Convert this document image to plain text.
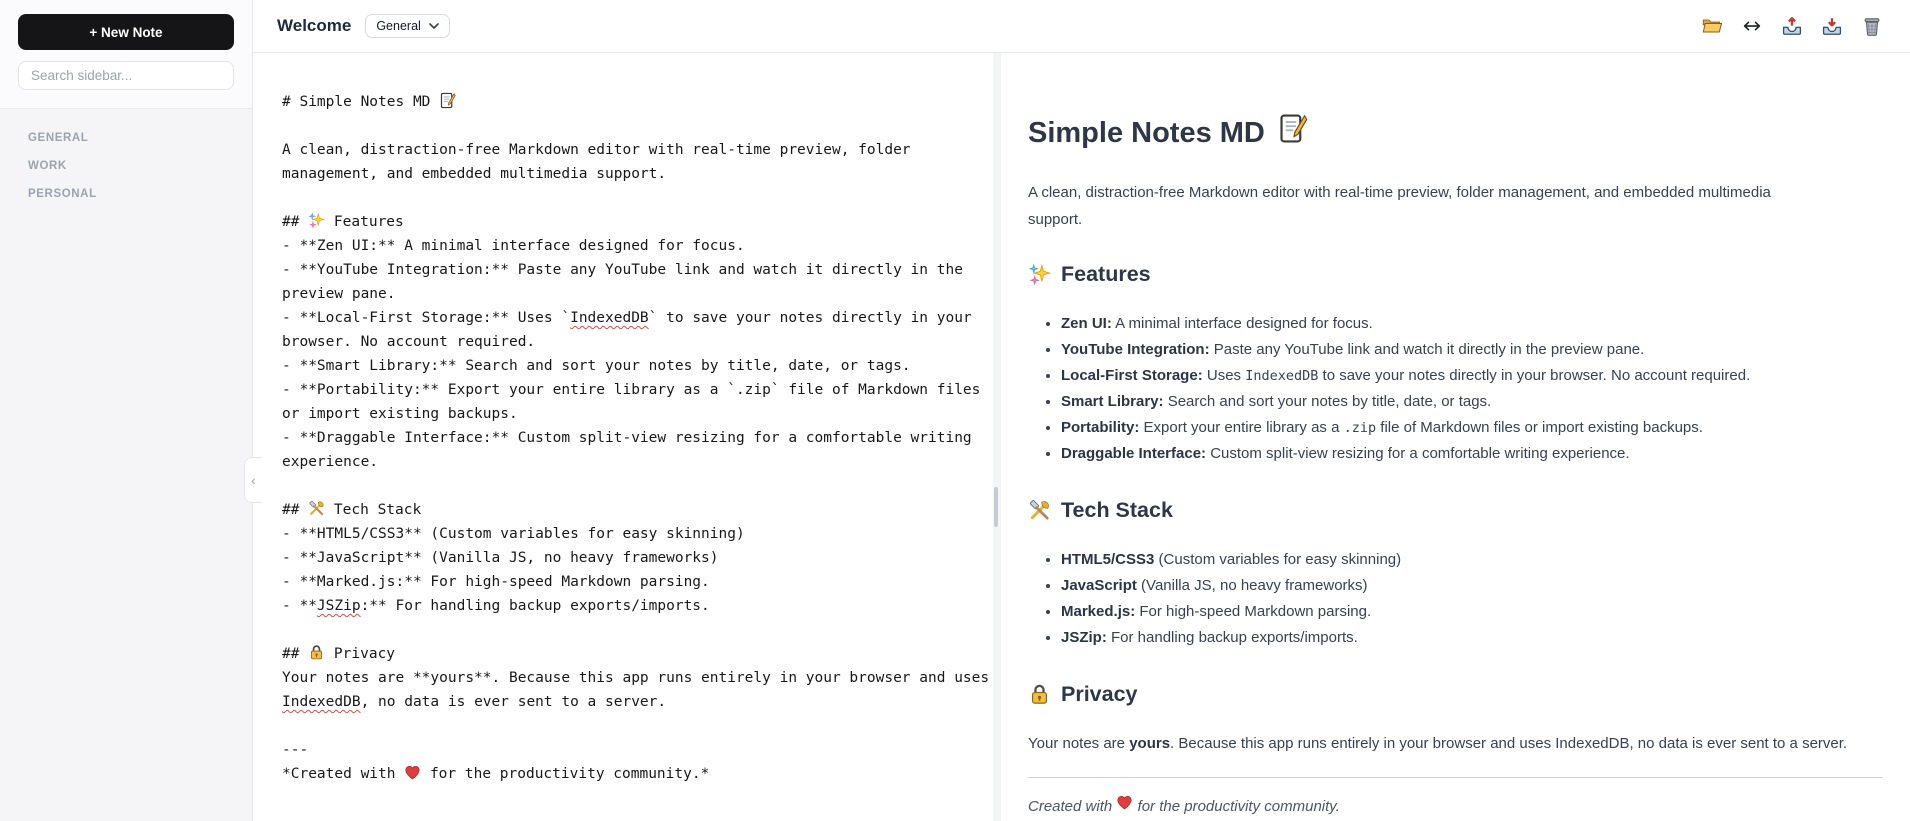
+ New Note
Search sidebar...
GENERAL
WORK
PERSONAL
Welcome General
‹
# Simple Notes MD
A clean, distraction-free Markdown editor with real-time preview, folder
management, and embedded multimedia support.
##  Features
- **Zen UI:** A minimal interface designed for focus.
- **YouTube Integration:** Paste any YouTube link and watch it directly in the
preview pane.
- **Local-First Storage:** Uses `IndexedDB` to save your notes directly in your
browser. No account required.
- **Smart Library:** Search and sort your notes by title, date, or tags.
- **Portability:** Export your entire library as a `.zip` file of Markdown files
or import existing backups.
- **Draggable Interface:** Custom split-view resizing for a comfortable writing
experience.
##  Tech Stack
- **HTML5/CSS3** (Custom variables for easy skinning)
- **JavaScript** (Vanilla JS, no heavy frameworks)
- **Marked.js:** For high-speed Markdown parsing.
- **JSZip:** For handling backup exports/imports.
##  Privacy
Your notes are **yours**. Because this app runs entirely in your browser and uses
IndexedDB, no data is ever sent to a server.
---
*Created with  for the productivity community.*
Simple Notes MD

A clean, distraction-free Markdown editor with real-time preview, folder management, and embedded multimedia support.

Features
• Zen UI: A minimal interface designed for focus.
• YouTube Integration: Paste any YouTube link and watch it directly in the preview pane.
• Local-First Storage: Uses IndexedDB to save your notes directly in your browser. No account required.
• Smart Library: Search and sort your notes by title, date, or tags.
• Portability: Export your entire library as a .zip file of Markdown files or import existing backups.
• Draggable Interface: Custom split-view resizing for a comfortable writing experience.
Tech Stack
• HTML5/CSS3 (Custom variables for easy skinning)
• JavaScript (Vanilla JS, no heavy frameworks)
• Marked.js: For high-speed Markdown parsing.
• JSZip: For handling backup exports/imports.
Privacy

Your notes are yours. Because this app runs entirely in your browser and uses IndexedDB, no data is ever sent to a server.

Created with
for the productivity community.
